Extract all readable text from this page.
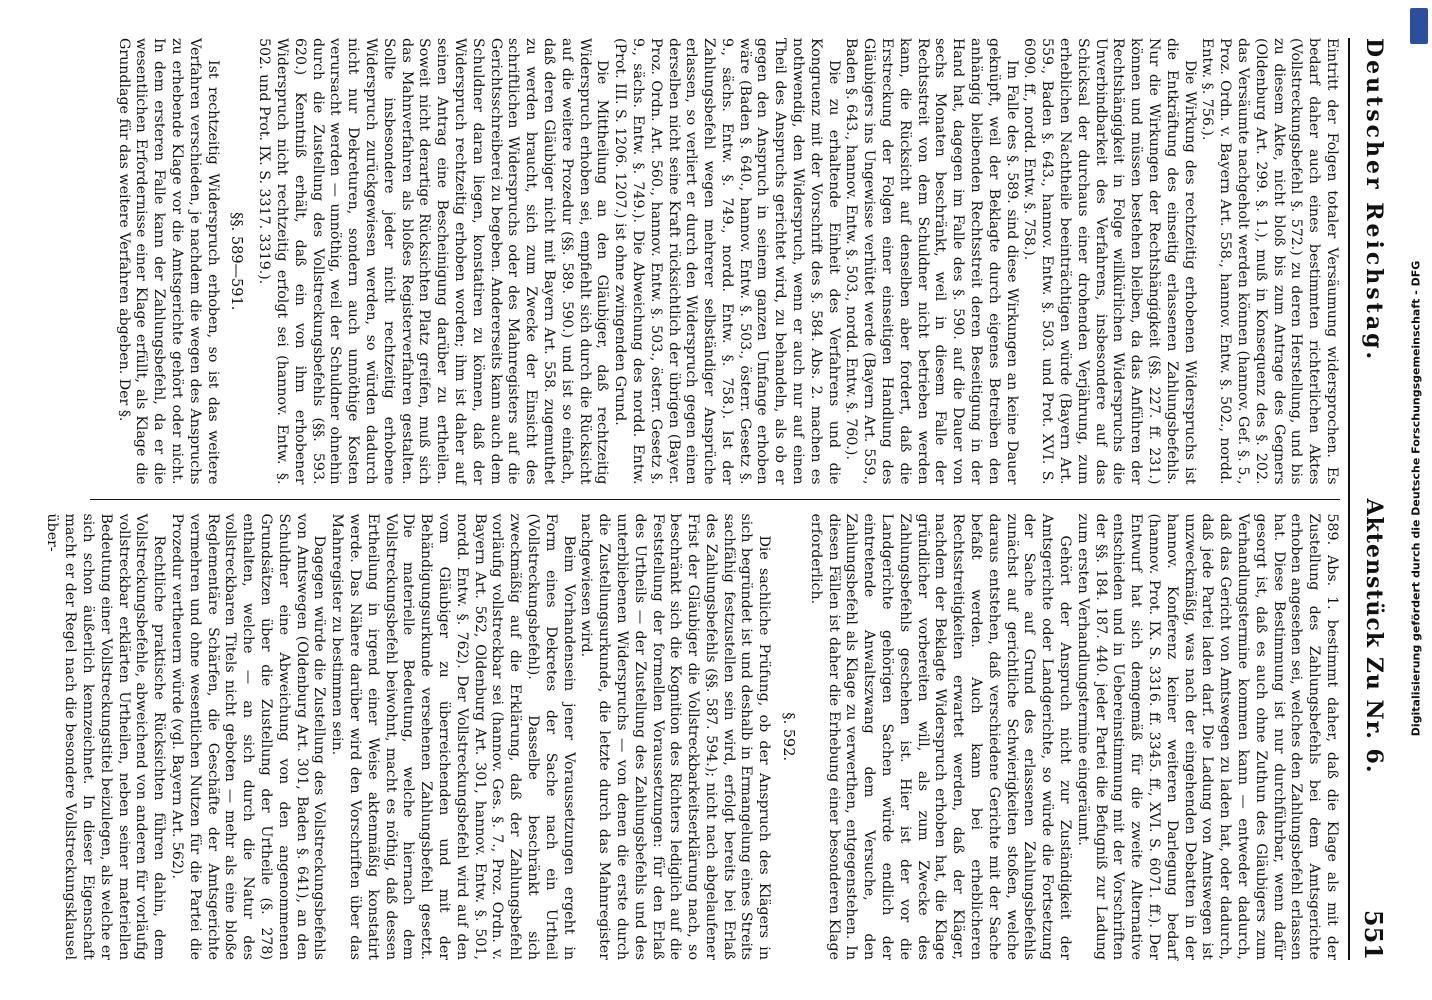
Deutscher Reichstag.
Aktenstück Zu Nr. 6.
551

Eintritt der Folgen totaler Versäumung widersprochen. Es bedarf daher auch eines bestimmten richterlichen Aktes (Vollstreckungsbefehl §. 572.) zu deren Herstellung, und bis zu diesem Akte, nicht bloß bis zum Antrage des Gegners (Oldenburg Art. 299. §. 1.), muß in Konsequenz des §. 202. das Versäumte nachgeholt werden können (hannov. Gef. §. 5., Proz. Ordn. v. Bayern Art. 558., hannov. Entw. §. 502., nordd. Entw. §. 756.).

Die Wirkung des rechtzeitig erhobenen Widerspruchs ist die Entkräftung des einseitig erlassenen Zahlungsbefehls. Nur die Wirkungen der Rechtshängigkeit (§§. 227. ff. 231.) können und müssen bestehen bleiben, da das Anführen der Rechtshängigkeit in Folge willkürlichen Widerspruchs die Unverbindbarkeit des Verfahrens, insbesondere auf das Schicksal der durchaus einer drohenden Verjährung, zum erheblichen Nachtheile beeinträchtigen würde (Bayern Art. 559., Baden §. 643., hannov. Entw. §. 503. und Prot. XVI. S. 6090. ff., nordd. Entw. §. 758.).

Im Falle des §. 589. sind diese Wirkungen an keine Dauer geknüpft, weil der Beklagte durch eigenes Betreiben den anhängig bleibenden Rechtsstreit deren Beseitigung in der Hand hat, dagegen im Falle des §. 590. auf die Dauer von sechs Monaten beschränkt, weil in diesem Falle der Rechtsstreit von dem Schuldner nicht betrieben werden kann, die Rücksicht auf denselben aber fordert, daß die Erstreckung der Folgen einer einseitigen Handlung des Gläubigers ins Ungewisse verhütet werde (Bayern Art. 559., Baden §. 643., hannov. Entw. §. 503., nordd. Entw. §. 760.).

Die zu erhaltende Einheit des Verfahrens und die Kongruenz mit der Vorschrift des §. 584. Abs. 2. machen es nothwendig, den Widerspruch, wenn er auch nur auf einen Theil des Anspruchs gerichtet wird, zu behandeln, als ob er gegen den Anspruch in seinem ganzen Umfange erhoben wäre (Baden §. 640., hannov. Entw. §. 503., österr. Gesetz §. 9., sächs. Entw. §. 749., nordd. Entw. §. 758.). Ist der Zahlungsbefehl wegen mehrerer selbständiger Ansprüche erlassen, so verliert er durch den Widerspruch gegen einen derselben nicht seine Kraft rücksichtlich der übrigen (Bayer. Proz. Ordn. Art. 560., hannov. Entw. §. 503., österr. Gesetz §. 9., sächs. Entw. §. 749.). Die Abweichung des nordd. Entw. (Prot. III. S. 1206. 1207.) ist ohne zwingenden Grund.

Die Mittheilung an den Gläubiger, daß rechtzeitig Widerspruch erhoben sei, empfiehlt sich durch die Rücksicht auf die weitere Prozedur (§§. 589. 590.) und ist so einfach, daß deren Gläubiger nicht mit Bayern Art. 558. zugemuthet zu werden braucht, sich zum Zwecke der Einsicht des schriftlichen Widerspruchs oder des Mahnregisters auf die Gerichtsschreiberei zu begeben. Andererseits kann auch dem Schuldner daran liegen, konstatiren zu können, daß der Widerspruch rechtzeitig erhoben worden; ihm ist daher auf seinen Antrag eine Bescheinigung darüber zu ertheilen. Soweit nicht derartige Rücksichten Platz greifen, muß sich das Mahnverfahren als bloßes Registerverfahren gestalten. Sollte insbesondere jeder nicht rechtzeitig erhobene Widerspruch zurückgewiesen werden, so würden dadurch nicht nur Dekreturen, sondern auch unnöthige Kosten verursacht werden — unnöthig, weil der Schuldner ohnehin durch die Zustellung des Vollstreckungsbefehls (§§. 593. 620.) Kenntniß erhält, daß ein von ihm erhobener Widerspruch nicht rechtzeitig erfolgt sei (hannov. Entw. §. 502. und Prot. IX. S. 3317. 3319.).

§§. 589—591.

Ist rechtzeitig Widerspruch erhoben, so ist das weitere Verfahren verschieden, je nachdem die wegen des Anspruchs zu erhebende Klage vor die Amtsgerichte gehört oder nicht. In dem ersteren Falle kann der Zahlungsbefehl, da er die wesentlichen Erfordernisse einer Klage erfüllt, als Klage die Grundlage für das weitere Verfahren abgeben. Der §.

589. Abs. 1. bestimmt daher, daß die Klage als mit der Zustellung des Zahlungsbefehls bei dem Amtsgerichte erhoben angesehen sei, welches den Zahlungsbefehl erlassen hat. Diese Bestimmung ist nur durchführbar, wenn dafür gesorgt ist, daß es auch ohne Zuthun des Gläubigers zum Verhandlungstermine kommen kann — entweder dadurch, daß das Gericht von Amtswegen zu laden hat, oder dadurch, daß jede Partei laden darf. Die Ladung von Amtswegen ist unzweckmäßig, was nach der eingehenden Debatten in der hannov. Konferenz keiner weiteren Darlegung bedarf (hannov. Prot. IX. S. 3316. ff. 3345. ff., XVI. S. 6071. ff.). Der Entwurf hat sich demgemäß für die zweite Alternative entschieden und in Uebereinstimmung mit der Vorschriften der §§. 184. 187. 440. jeder Partei die Befugniß zur Ladung zum ersten Verhandlungstermine eingeräumt.

Gehört der Anspruch nicht zur Zuständigkeit der Amtsgerichte oder Landgerichte, so würde die Fortsetzung der Sache auf Grund des erlassenen Zahlungsbefehls zunächst auf gerichtliche Schwierigkeiten stoßen, welche daraus entstehen, daß verschiedene Gerichte mit der Sache befaßt werden. Auch kann bei erheblicheren Rechtsstreitigkeiten erwartet werden, daß der Kläger, nachdem der Beklagte Widerspruch erhoben hat, die Klage gründlicher vorbereiten will, als zum Zwecke des Zahlungsbefehls geschehen ist. Hier ist der vor die Landgerichte gehörigen Sachen würde endlich der eintretende Anwaltszwang dem Versuche, den Zahlungsbefehl als Klage zu verwerthen, entgegenstehen. In diesen Fällen ist daher die Erhebung einer besonderen Klage erforderlich.

§. 592.

Die sachliche Prüfung, ob der Anspruch des Klägers in sich begründet ist und deshalb in Ermangelung eines Streits sachfähig festzustellen sein wird, erfolgt bereits bei Erlaß des Zahlungsbefehls (§§. 587. 594.); nicht nach abgelaufener Frist der Gläubiger die Vollstreckbarkeitserklärung nach, so beschränkt sich die Kognition des Richters lediglich auf die Feststellung der formellen Voraussetzungen: für den Erlaß des Urtheils — der Zustellung des Zahlungsbefehls und des unterbliebenen Widerspruchs — von denen die erste durch die Zustellungsurkunde, die letzte durch das Mahnregister nachgewiesen wird.

Beim Vorhandensein jener Voraussetzungen ergeht in Form eines Dekretes der Sache nach ein Urtheil (Vollstreckungsbefehl). Dasselbe beschränkt sich zweckmäßig auf die Erklärung, daß der Zahlungsbefehl vorläufig vollstreckbar sei (hannov. Ges. §. 7., Proz. Ordn. v. Bayern Art. 562, Oldenburg Art. 301, hannov. Entw. §. 501, nordd. Entw. §. 762). Der Vollstreckungsbefehl wird auf den vom Gläubiger zu überreichenden und mit der Behändigungsurkunde versehenen Zahlungsbefehl gesetzt. Die materielle Bedeutung, welche hiernach dem Vollstreckungsbefehl beiwohnt, macht es nöthig, daß dessen Ertheilung in irgend einer Weise aktenmäßig konstatirt werde. Das Nähere darüber wird den Vorschriften über das Mahnregister zu bestimmen sein.

Dagegen würde die Zustellung des Vollstreckungsbefehls von Amtswegen (Oldenburg Art. 301, Baden §. 641), an den Schuldner eine Abweichung von den angenommenen Grundsätzen über die Zustellung der Urtheile (§. 278) enthalten, welche — an sich durch die Natur des vollstreckbaren Titels nicht geboten — mehr als eine bloße Reglementäre Schärfen, die Geschäfte der Amtsgerichte vermehren und ohne wesentlichen Nutzen für die Partei die Prozedur vertheuern würde (vgl. Bayern Art. 562).

Rechtliche praktische Rücksichten führen dahin, dem Vollstreckungsbefehle, abweichend von anderen für vorläufig vollstreckbar erklärten Urtheilen, neben seiner materiellen Bedeutung einer Vollstreckungstitel beizulegen, als welche er sich schon äußerlich kennzeichnet. In dieser Eigenschaft macht er der Regel nach die besondere Vollstreckungsklausel über-	Digitalisierung gefördert durch die Deutsche Forschungsgemeinschaft - DFG
